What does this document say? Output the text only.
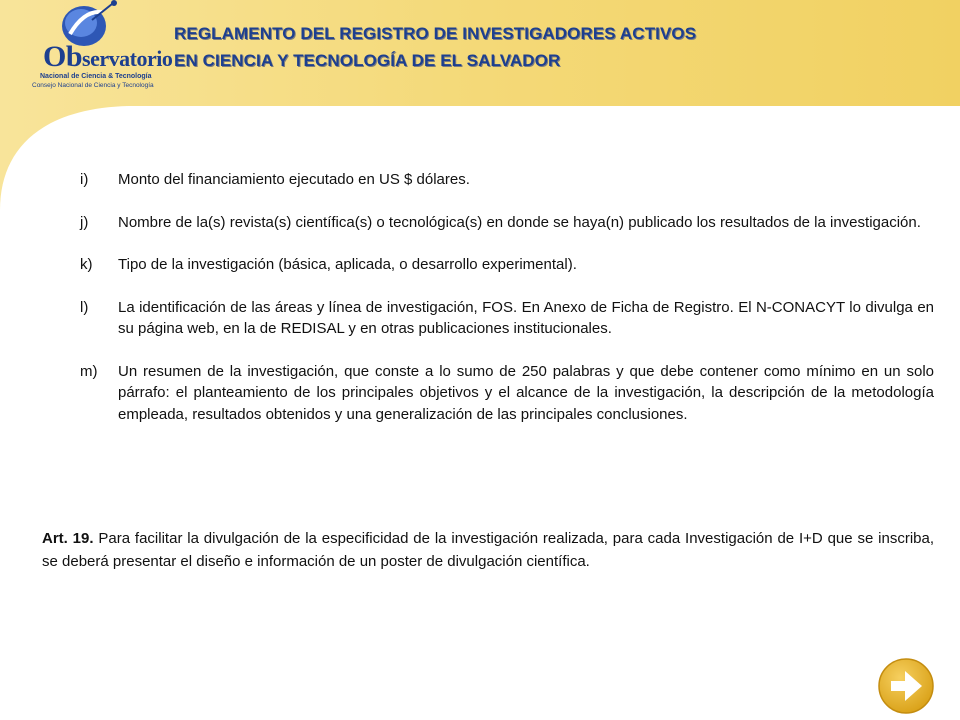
Observatorio
Nacional de Ciencia & Tecnología
Consejo Nacional de Ciencia y Tecnología
REGLAMENTO DEL REGISTRO DE INVESTIGADORES ACTIVOS
EN CIENCIA Y TECNOLOGÍA DE EL SALVADOR
i)	Monto del financiamiento ejecutado en US $ dólares.
j)	Nombre de la(s) revista(s) científica(s) o tecnológica(s) en donde se haya(n) publicado los resultados de la investigación.
k)	Tipo de la investigación (básica, aplicada, o desarrollo experimental).
l)	La identificación de las áreas y línea de investigación, FOS. En Anexo de Ficha de Registro. El N-CONACYT lo divulga en su página web, en la de REDISAL y en otras publicaciones institucionales.
m)	Un resumen de la investigación, que conste a lo sumo de 250 palabras y que debe contener como mínimo en un solo párrafo: el planteamiento de los principales objetivos y el alcance de la investigación, la descripción de la metodología empleada, resultados obtenidos y una generalización de las principales conclusiones.
Art. 19. Para facilitar la divulgación de la especificidad de la investigación realizada, para cada Investigación de I+D que se inscriba, se deberá presentar el diseño e información de un poster de divulgación científica.
